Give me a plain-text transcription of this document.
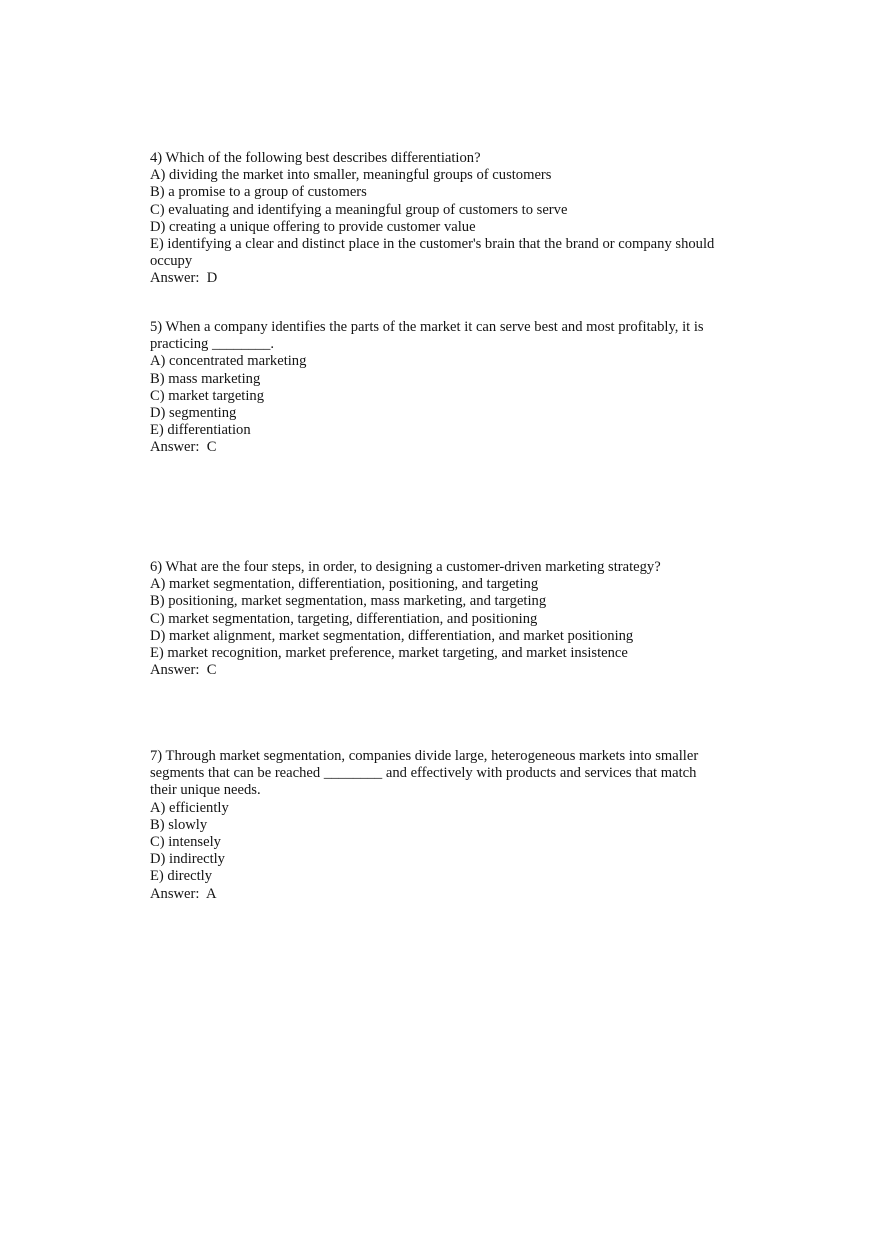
4) Which of the following best describes differentiation?
A) dividing the market into smaller, meaningful groups of customers
B) a promise to a group of customers
C) evaluating and identifying a meaningful group of customers to serve
D) creating a unique offering to provide customer value
E) identifying a clear and distinct place in the customer's brain that the brand or company should
occupy
Answer:  D
5) When a company identifies the parts of the market it can serve best and most profitably, it is
practicing ________.
A) concentrated marketing
B) mass marketing
C) market targeting
D) segmenting
E) differentiation
Answer:  C
6) What are the four steps, in order, to designing a customer-driven marketing strategy?
A) market segmentation, differentiation, positioning, and targeting
B) positioning, market segmentation, mass marketing, and targeting
C) market segmentation, targeting, differentiation, and positioning
D) market alignment, market segmentation, differentiation, and market positioning
E) market recognition, market preference, market targeting, and market insistence
Answer:  C
7) Through market segmentation, companies divide large, heterogeneous markets into smaller
segments that can be reached ________ and effectively with products and services that match
their unique needs.
A) efficiently
B) slowly
C) intensely
D) indirectly
E) directly
Answer:  A
